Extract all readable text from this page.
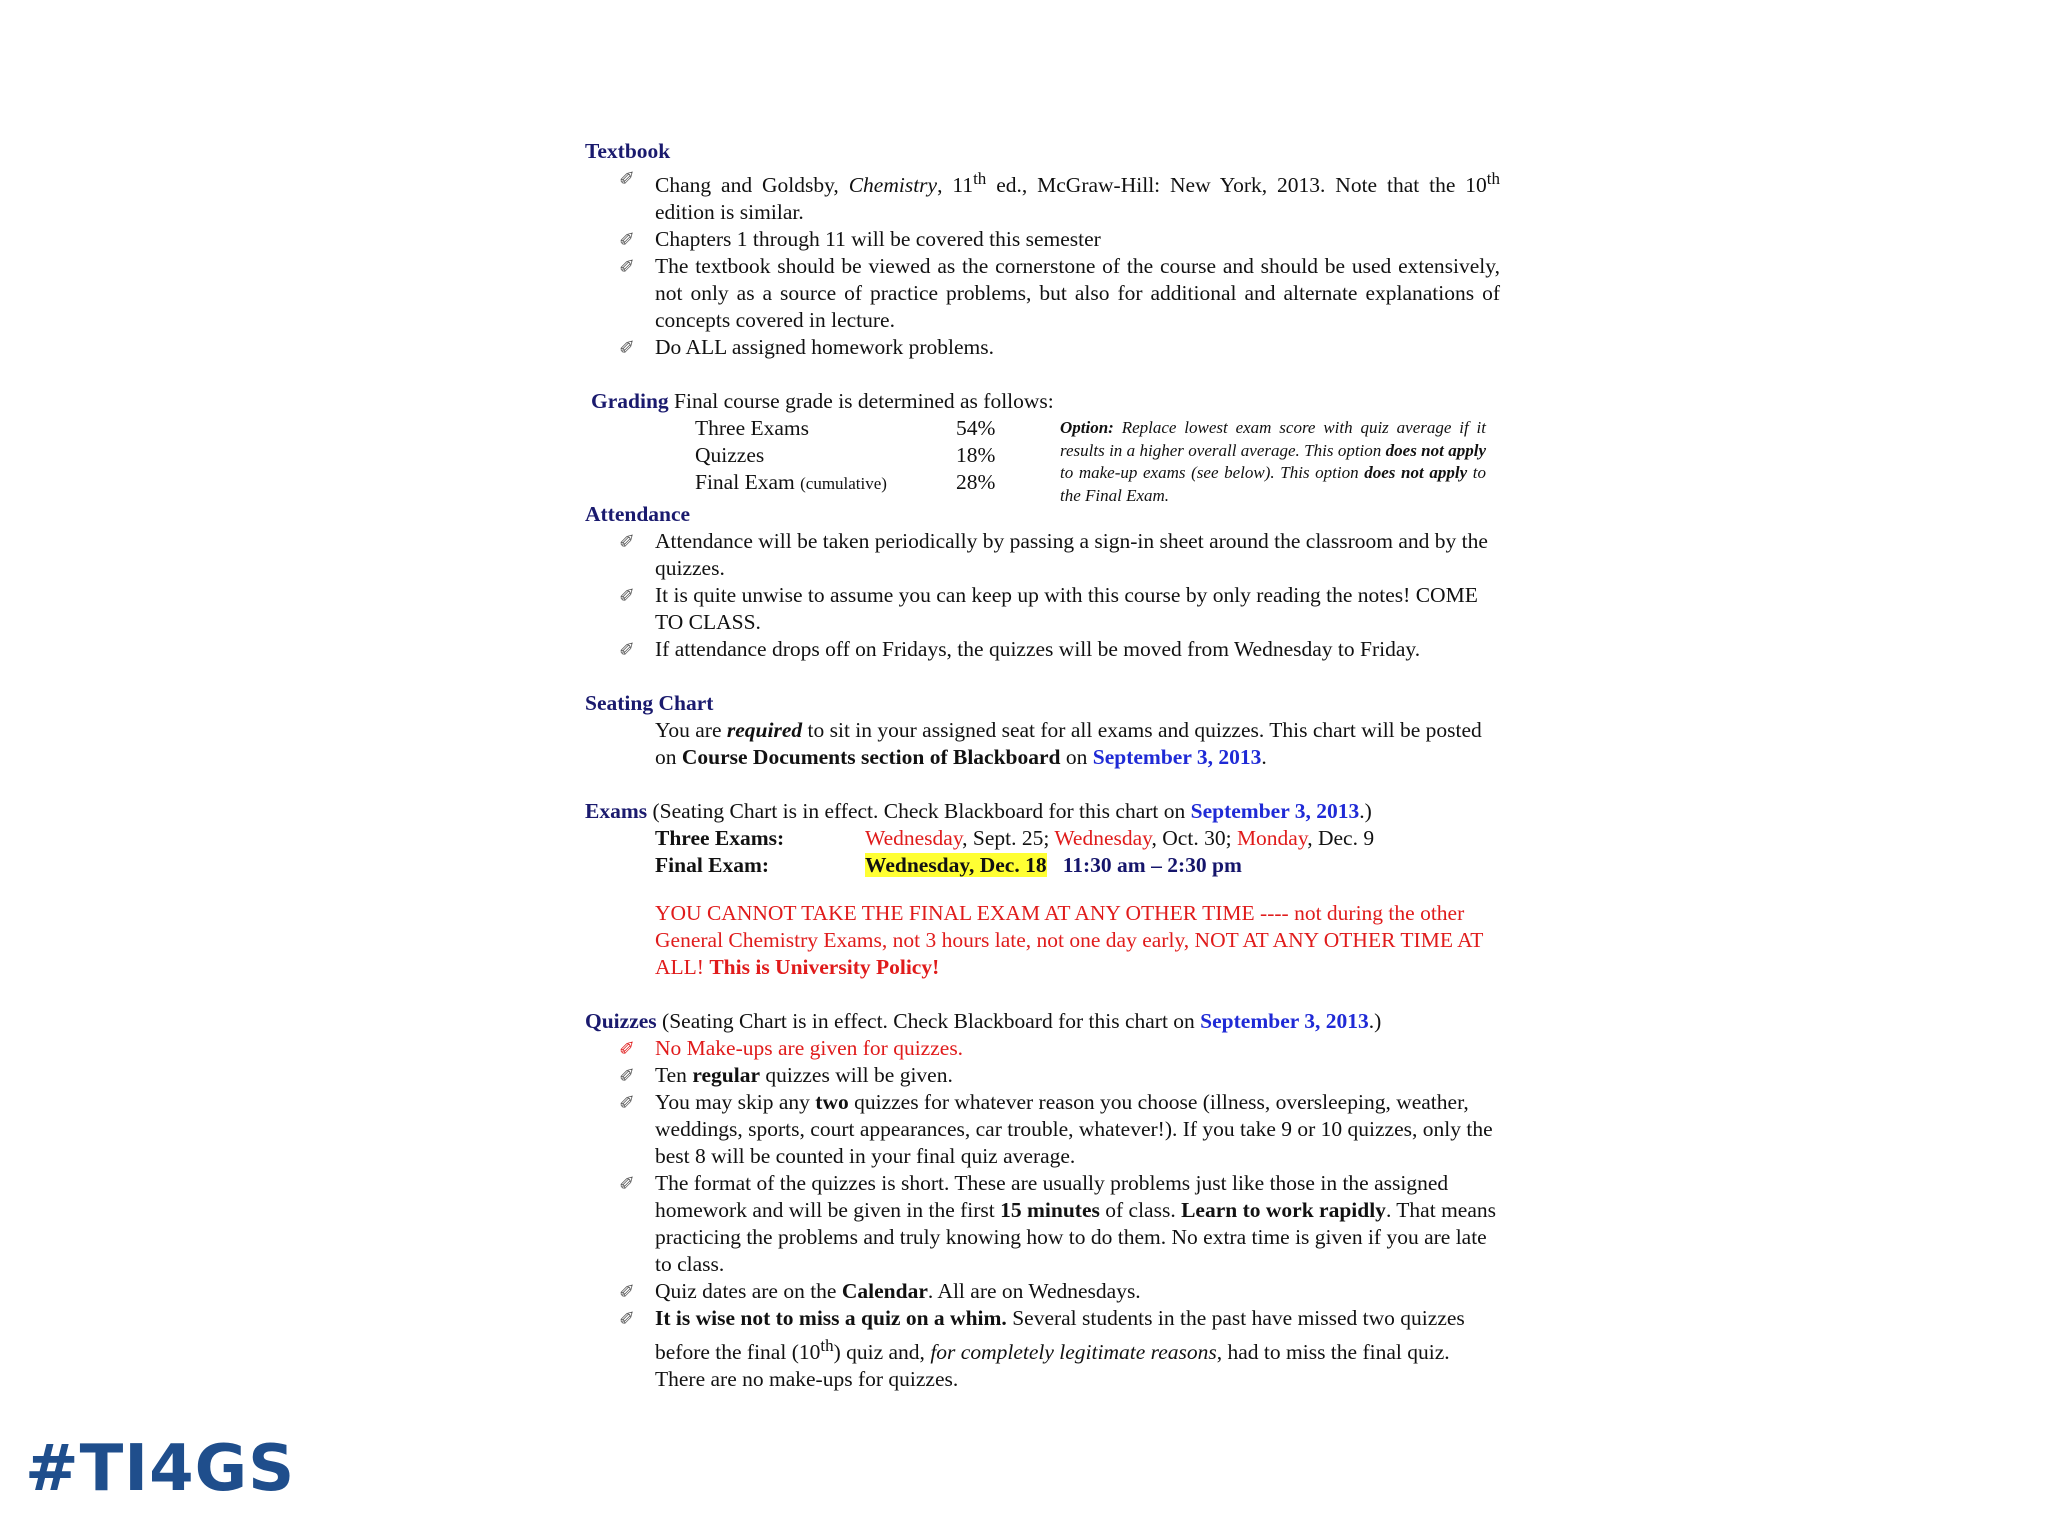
Textbook
✐ Chang and Goldsby, Chemistry, 11th ed., McGraw-Hill: New York, 2013. Note that the 10th edition is similar.
✐ Chapters 1 through 11 will be covered this semester
✐ The textbook should be viewed as the cornerstone of the course and should be used extensively, not only as a source of practice problems, but also for additional and alternate explanations of concepts covered in lecture.
✐ Do ALL assigned homework problems.
Grading Final course grade is determined as follows:
Three Exams	54%
Quizzes	18%
Final Exam (cumulative)	28%
Option: Replace lowest exam score with quiz average if it results in a higher overall average. This option does not apply to make-up exams (see below). This option does not apply to the Final Exam.
Attendance
✐ Attendance will be taken periodically by passing a sign-in sheet around the classroom and by the quizzes.
✐ It is quite unwise to assume you can keep up with this course by only reading the notes! COME TO CLASS.
✐ If attendance drops off on Fridays, the quizzes will be moved from Wednesday to Friday.
Seating Chart
You are required to sit in your assigned seat for all exams and quizzes. This chart will be posted on Course Documents section of Blackboard on September 3, 2013.
Exams (Seating Chart is in effect. Check Blackboard for this chart on September 3, 2013.)
Three Exams:	Wednesday, Sept. 25; Wednesday, Oct. 30; Monday, Dec. 9
Final Exam:	Wednesday, Dec. 18 11:30 am – 2:30 pm
YOU CANNOT TAKE THE FINAL EXAM AT ANY OTHER TIME ---- not during the other General Chemistry Exams, not 3 hours late, not one day early, NOT AT ANY OTHER TIME AT ALL! This is University Policy!
Quizzes (Seating Chart is in effect. Check Blackboard for this chart on September 3, 2013.)
✐ No Make-ups are given for quizzes.
✐ Ten regular quizzes will be given.
✐ You may skip any two quizzes for whatever reason you choose (illness, oversleeping, weather, weddings, sports, court appearances, car trouble, whatever!). If you take 9 or 10 quizzes, only the best 8 will be counted in your final quiz average.
✐ The format of the quizzes is short. These are usually problems just like those in the assigned homework and will be given in the first 15 minutes of class. Learn to work rapidly. That means practicing the problems and truly knowing how to do them. No extra time is given if you are late to class.
✐ Quiz dates are on the Calendar. All are on Wednesdays.
✐ It is wise not to miss a quiz on a whim. Several students in the past have missed two quizzes before the final (10th) quiz and, for completely legitimate reasons, had to miss the final quiz. There are no make-ups for quizzes.
#TI4GS
